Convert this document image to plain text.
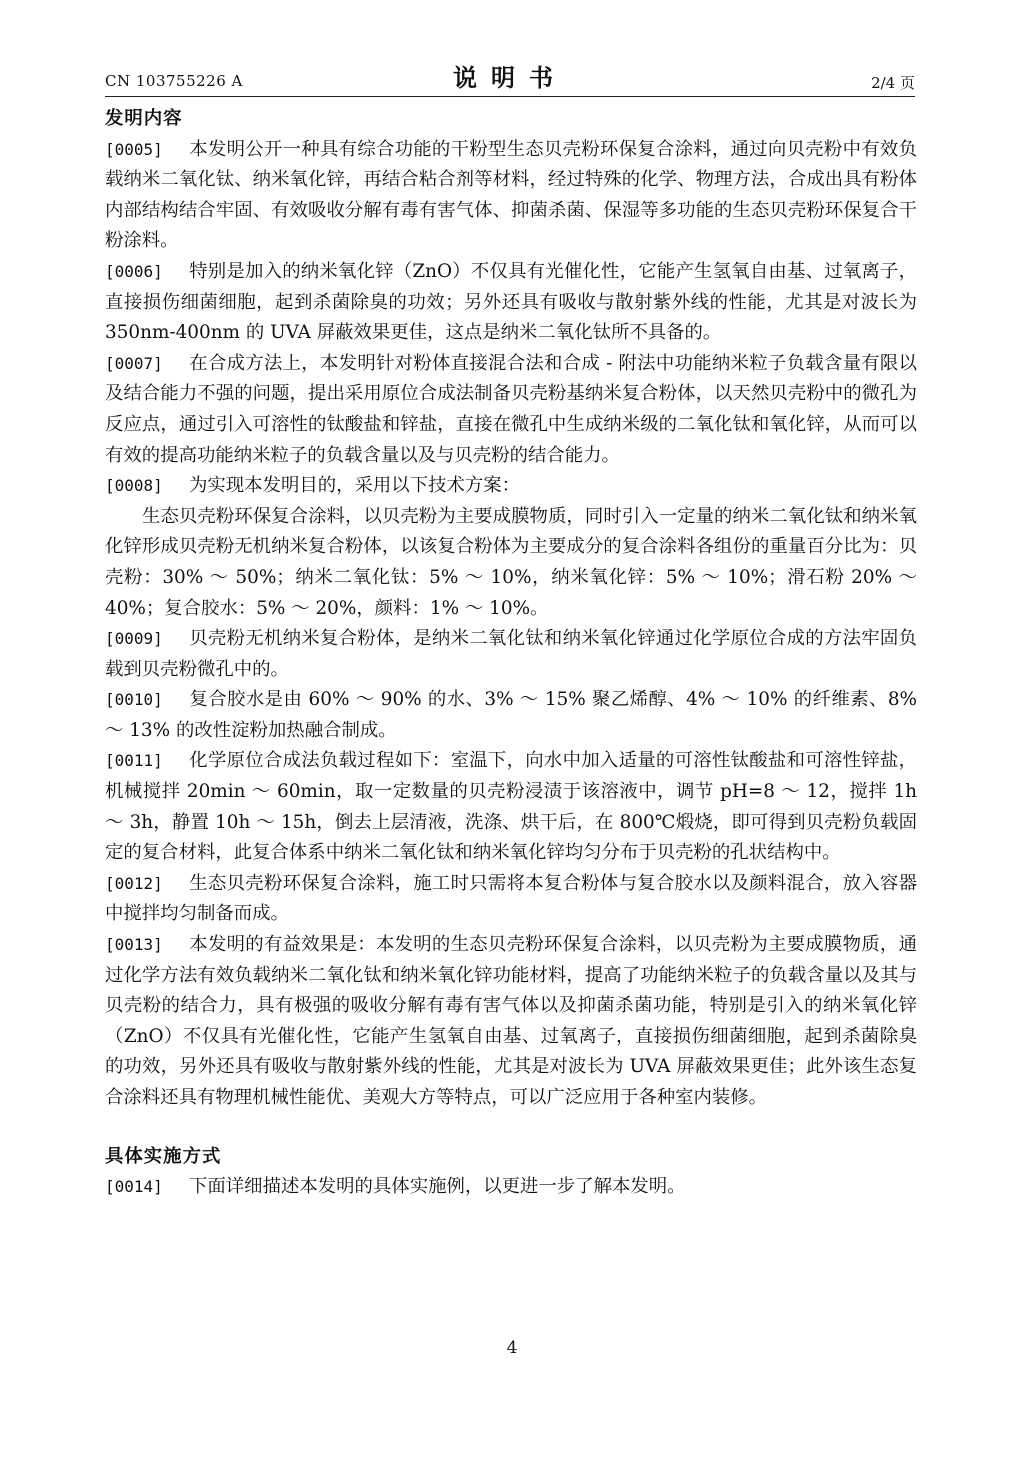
CN 103755226 A	说明书	2/4 页

发明内容

[0005] 本发明公开一种具有综合功能的干粉型生态贝壳粉环保复合涂料，通过向贝壳粉中有效负载纳米二氧化钛、纳米氧化锌，再结合粘合剂等材料，经过特殊的化学、物理方法，合成出具有粉体内部结构结合牢固、有效吸收分解有毒有害气体、抑菌杀菌、保湿等多功能的生态贝壳粉环保复合干粉涂料。

[0006] 特别是加入的纳米氧化锌（ZnO）不仅具有光催化性，它能产生氢氧自由基、过氧离子，直接损伤细菌细胞，起到杀菌除臭的功效；另外还具有吸收与散射紫外线的性能，尤其是对波长为 350nm-400nm 的 UVA 屏蔽效果更佳，这点是纳米二氧化钛所不具备的。

[0007] 在合成方法上，本发明针对粉体直接混合法和合成 - 附法中功能纳米粒子负载含量有限以及结合能力不强的问题，提出采用原位合成法制备贝壳粉基纳米复合粉体，以天然贝壳粉中的微孔为反应点，通过引入可溶性的钛酸盐和锌盐，直接在微孔中生成纳米级的二氧化钛和氧化锌，从而可以有效的提高功能纳米粒子的负载含量以及与贝壳粉的结合能力。

[0008] 为实现本发明目的，采用以下技术方案：

生态贝壳粉环保复合涂料，以贝壳粉为主要成膜物质，同时引入一定量的纳米二氧化钛和纳米氧化锌形成贝壳粉无机纳米复合粉体，以该复合粉体为主要成分的复合涂料各组份的重量百分比为：贝壳粉：30% ～ 50%；纳米二氧化钛：5% ～ 10%，纳米氧化锌：5% ～ 10%；滑石粉 20% ～ 40%；复合胶水：5% ～ 20%，颜料：1% ～ 10%。

[0009] 贝壳粉无机纳米复合粉体，是纳米二氧化钛和纳米氧化锌通过化学原位合成的方法牢固负载到贝壳粉微孔中的。

[0010] 复合胶水是由 60% ～ 90% 的水、3% ～ 15% 聚乙烯醇、4% ～ 10% 的纤维素、8% ～ 13% 的改性淀粉加热融合制成。

[0011] 化学原位合成法负载过程如下：室温下，向水中加入适量的可溶性钛酸盐和可溶性锌盐，机械搅拌 20min ～ 60min，取一定数量的贝壳粉浸渍于该溶液中，调节 pH=8 ～ 12，搅拌 1h ～ 3h，静置 10h ～ 15h，倒去上层清液，洗涤、烘干后，在 800℃煅烧，即可得到贝壳粉负载固定的复合材料，此复合体系中纳米二氧化钛和纳米氧化锌均匀分布于贝壳粉的孔状结构中。

[0012] 生态贝壳粉环保复合涂料，施工时只需将本复合粉体与复合胶水以及颜料混合，放入容器中搅拌均匀制备而成。

[0013] 本发明的有益效果是：本发明的生态贝壳粉环保复合涂料，以贝壳粉为主要成膜物质，通过化学方法有效负载纳米二氧化钛和纳米氧化锌功能材料，提高了功能纳米粒子的负载含量以及其与贝壳粉的结合力，具有极强的吸收分解有毒有害气体以及抑菌杀菌功能，特别是引入的纳米氧化锌（ZnO）不仅具有光催化性，它能产生氢氧自由基、过氧离子，直接损伤细菌细胞，起到杀菌除臭的功效，另外还具有吸收与散射紫外线的性能，尤其是对波长为 UVA 屏蔽效果更佳；此外该生态复合涂料还具有物理机械性能优、美观大方等特点，可以广泛应用于各种室内装修。

具体实施方式

[0014] 下面详细描述本发明的具体实施例，以更进一步了解本发明。

4
